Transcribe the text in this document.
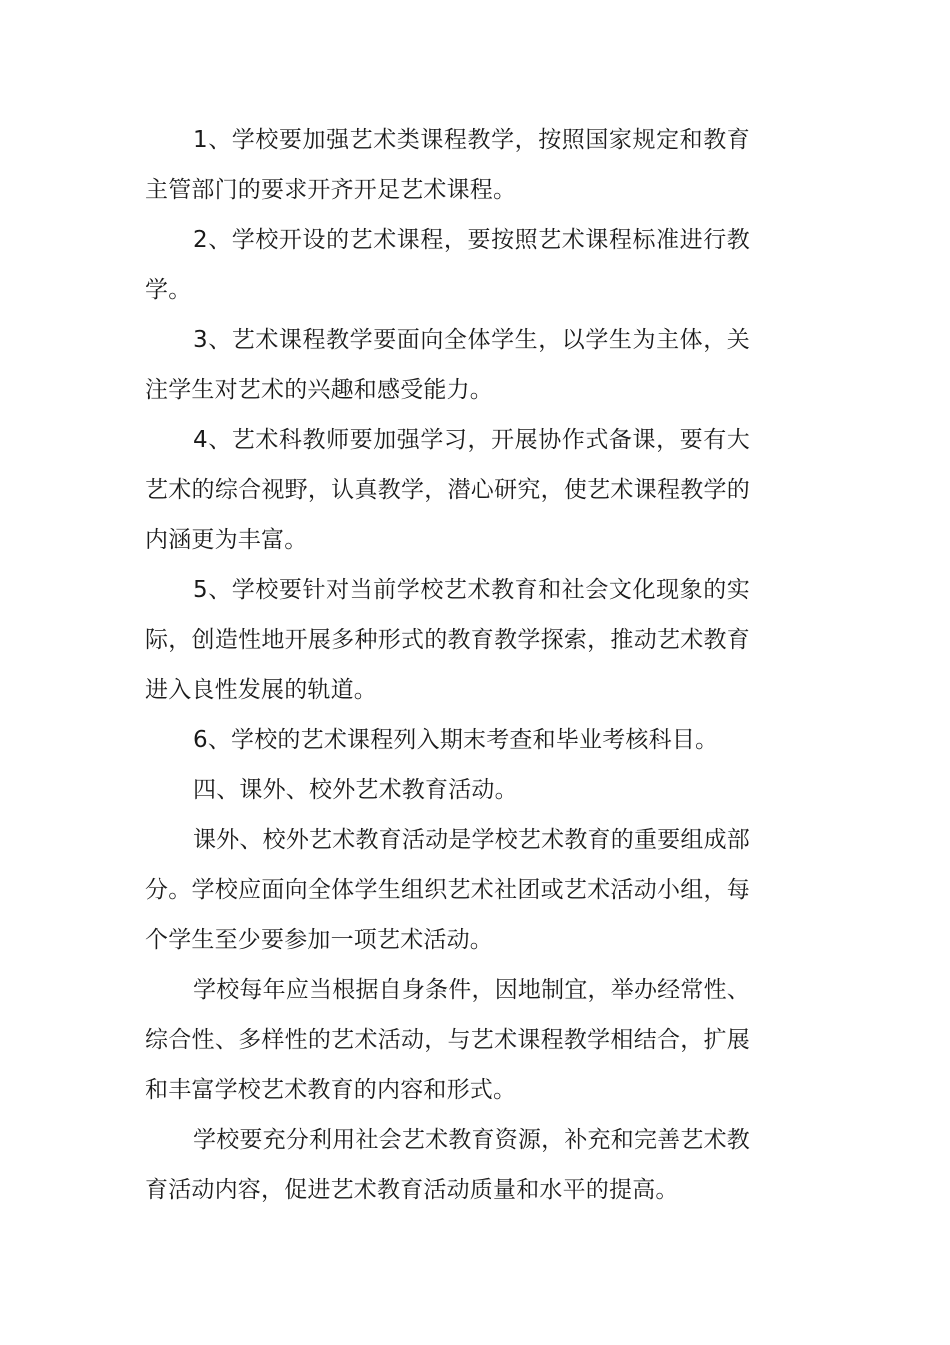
1、学校要加强艺术类课程教学，按照国家规定和教育主管部门的要求开齐开足艺术课程。

2、学校开设的艺术课程，要按照艺术课程标准进行教学。

3、艺术课程教学要面向全体学生，以学生为主体，关注学生对艺术的兴趣和感受能力。

4、艺术科教师要加强学习，开展协作式备课，要有大艺术的综合视野，认真教学，潜心研究，使艺术课程教学的内涵更为丰富。

5、学校要针对当前学校艺术教育和社会文化现象的实际，创造性地开展多种形式的教育教学探索，推动艺术教育进入良性发展的轨道。

6、学校的艺术课程列入期末考查和毕业考核科目。

四、课外、校外艺术教育活动。

课外、校外艺术教育活动是学校艺术教育的重要组成部分。学校应面向全体学生组织艺术社团或艺术活动小组，每个学生至少要参加一项艺术活动。

学校每年应当根据自身条件，因地制宜，举办经常性、综合性、多样性的艺术活动，与艺术课程教学相结合，扩展和丰富学校艺术教育的内容和形式。

学校要充分利用社会艺术教育资源，补充和完善艺术教育活动内容，促进艺术教育活动质量和水平的提高。
